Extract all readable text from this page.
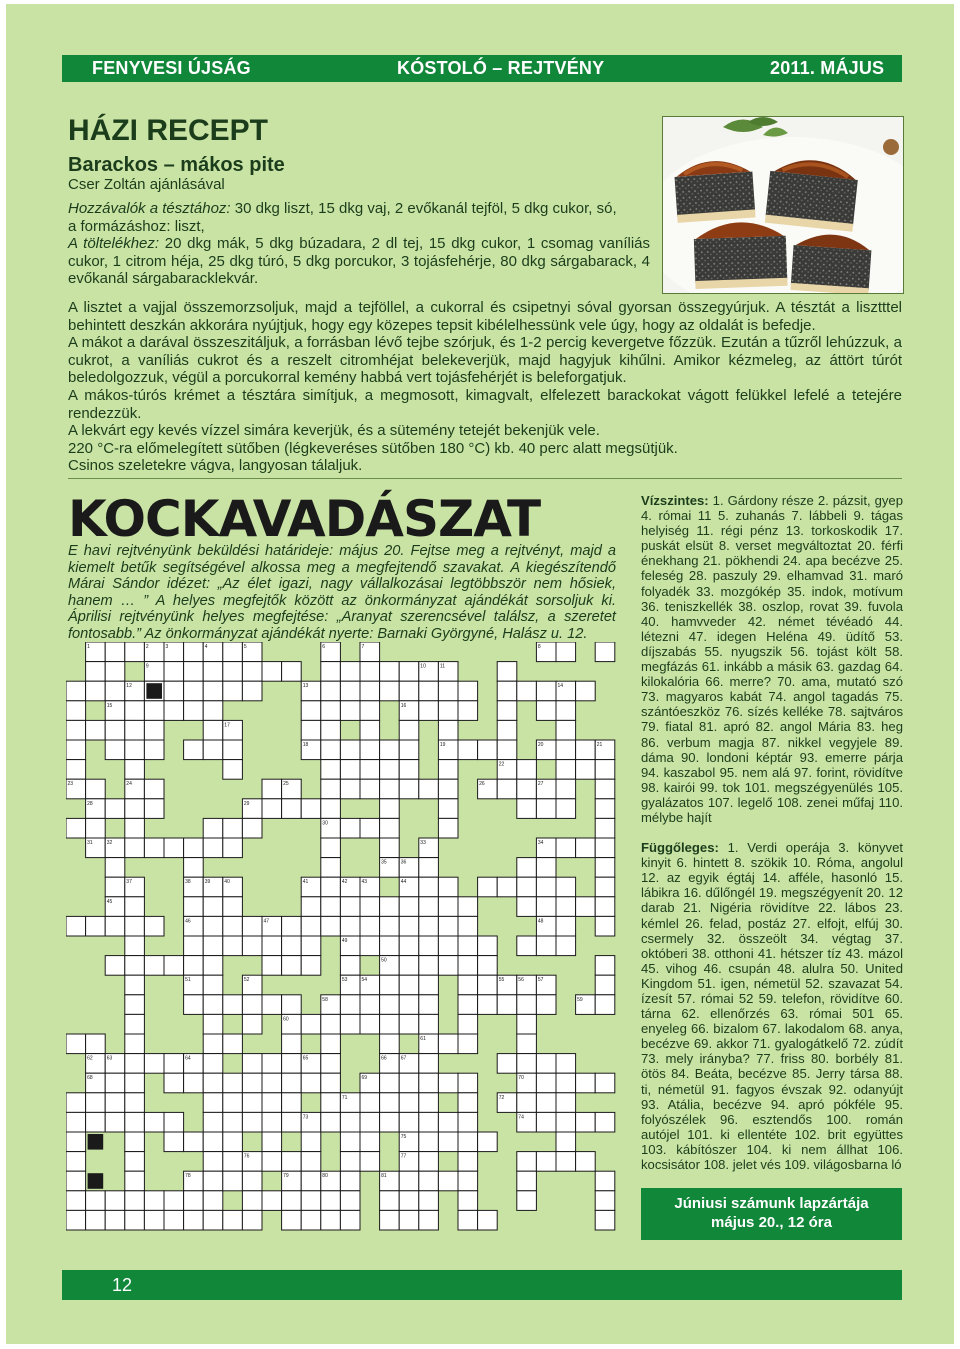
FENYVESI ÚJSÁG	KÓSTOLÓ – REJTVÉNY	2011. MÁJUS
HÁZI RECEPT
Barackos – mákos pite
Cser Zoltán ajánlásával
Hozzávalók a tésztához: 30 dkg liszt, 15 dkg vaj, 2 evőkanál tejföl, 5 dkg cukor, só,
a formázáshoz: liszt,
A töltelékhez: 20 dkg mák, 5 dkg búzadara, 2 dl tej, 15 dkg cukor, 1 csomag vaníliás cukor, 1 citrom héja, 25 dkg túró, 5 dkg porcukor, 3 tojásfehérje, 80 dkg sárgabarack, 4 evőkanál sárgabaracklekvár.

A lisztet a vajjal összemorzsoljuk, majd a tejföllel, a cukorral és csipetnyi sóval gyorsan összegyúrjuk. A tésztát a lisztttel behintett deszkán akkorára nyújtjuk, hogy egy közepes tepsit kibélelhessünk vele úgy, hogy az oldalát is befedje.

A mákot a darával összeszitáljuk, a forrásban lévő tejbe szórjuk, és 1-2 percig kevergetve főzzük. Ezután a tűzről lehúzzuk, a cukrot, a vaníliás cukrot és a reszelt citromhéjat belekeverjük, majd hagyjuk kihűlni. Amikor kézmeleg, az áttört túrót beledolgozzuk, végül a porcukorral kemény habbá vert tojásfehérjét is beleforgatjuk.

A mákos-túrós krémet a tésztára simítjuk, a megmosott, kimagvalt, elfelezett barackokat vágott felükkel lefelé a tetejére rendezzük.

A lekvárt egy kevés vízzel simára keverjük, és a sütemény tetejét bekenjük vele.

220 °C-ra előmelegített sütőben (légkeveréses sütőben 180 °C) kb. 40 perc alatt megsütjük.

Csinos szeletekre vágva, langyosan tálaljuk.

KOCKAVADÁSZAT
E havi rejtvényünk beküldési határideje: május 20. Fejtse meg a rejtvényt, majd a kiemelt betűk segítségével alkossa meg a megfejtendő szavakat. A kiegészítendő Márai Sándor idézet: „Az élet igazi, nagy vállalkozásai legtöbbször nem hősiek, hanem … ” A helyes megfejtők között az önkormányzat ajándékát sorsoljuk ki. Áprilisi rejtvényünk helyes megfejtése: „Aranyat szerencsével találsz, a szeretet fontosabb.” Az önkormányzat ajándékát nyerte: Barnaki Györgyné, Halász u. 12.
1	2	3	4	5	6	7	8
9	10	11
12	13	14
15	16
17
18	19	20	21
22
23	24	25	26	27
28	29
30
31	32	33	34
35	36
37	38	39	40	41	42	43	44
45
46	47	48
49
50
51	52	53	54	55	56	57
58	59
60
61
62	63	64	65	66	67
68	69	70
71	72
73	74
75
76	77
78	79	80	81

Vízszintes: 1. Gárdony része 2. pázsit, gyep 4. római 11 5. zuhanás 7. lábbeli 9. tágas helyiség 11. régi pénz 13. torkoskodik 17. puskát elsüt 8. verset megváltoztat 20. férfi énekhang 21. pökhendi 24. apa becézve 25. feleség 28. paszuly 29. elhamvad 31. maró folyadék 33. mozgókép 35. indok, motívum 36. teniszkellék 38. oszlop, rovat 39. fuvola 40. hamvveder 42. német tévéadó 44. létezni 47. idegen Heléna 49. üdítő 53. díjszabás 55. nyugszik 56. tojást költ 58. megfázás 61. inkább a másik 63. gazdag 64. kilokalória 66. merre? 70. ama, mutató szó 73. magyaros kabát 74. angol tagadás 75. szántóeszköz 76. sízés kelléke 78. sajtváros 79. fiatal 81. apró 82. angol Mária 83. heg 86. verbum magja 87. nikkel vegyjele 89. dáma 90. londoni képtár 93. emerre párja 94. kaszabol 95. nem alá 97. forint, rövidítve 98. kairói 99. tok 101. megszégyenülés 105. gyalázatos 107. legelő 108. zenei műfaj 110. mélybe hajít

Függőleges: 1. Verdi operája 3. könyvet kinyit 6. hintett 8. szökik 10. Róma, angolul 12. az egyik égtáj 14. afféle, hasonló 15. lábikra 16. dűlőngél 19. megszégyenít 20. 12 darab 21. Nigéria rövidítve 22. lábos 23. kémlel 26. felad, postáz 27. elfojt, elfúj 30. csermely 32. összeölt 34. végtag 37. októberi 38. otthoni 41. hétszer tíz 43. mázol 45. vihog 46. csupán 48. alulra 50. United Kingdom 51. igen, németül 52. szavazat 54. ízesít 57. római 52 59. telefon, rövidítve 60. tárna 62. ellenőrzés 63. római 501 65. enyeleg 66. bizalom 67. lakodalom 68. anya, becézve 69. akkor 71. gyalogátkelő 72. zúdít 73. mely irányba? 77. friss 80. borbély 81. ötös 84. Beáta, becézve 85. Jerry társa 88. ti, németül 91. fagyos évszak 92. odanyújt 93. Atália, becézve 94. apró pókféle 95. folyószélek 96. esztendős 100. román autójel 101. ki ellentéte 102. brit együttes 103. kábítószer 104. ki nem állhat 106. kocsisátor 108. jelet vés 109. világosbarna ló

Júniusi számunk lapzártája
május 20., 12 óra
12
